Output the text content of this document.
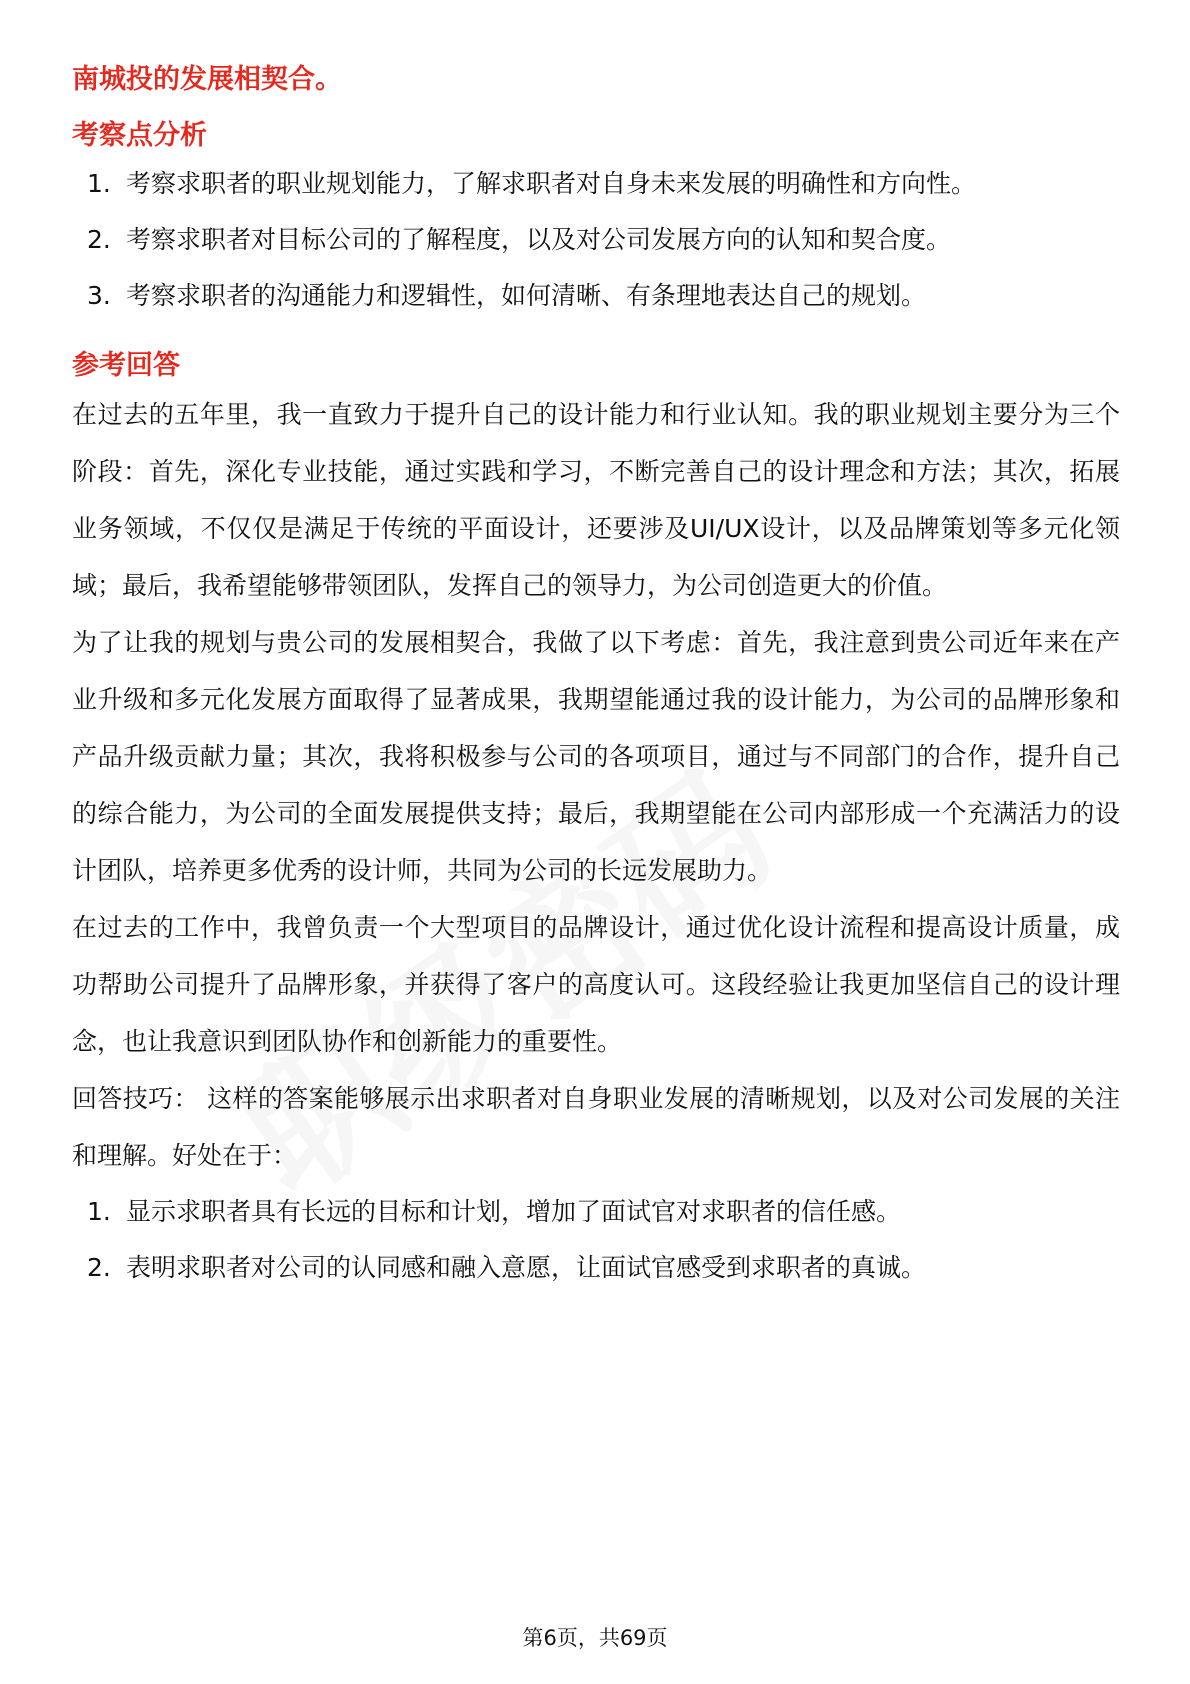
南城投的发展相契合。
考察点分析
1. 考察求职者的职业规划能力，了解求职者对自身未来发展的明确性和方向性。
2. 考察求职者对目标公司的了解程度，以及对公司发展方向的认知和契合度。
3. 考察求职者的沟通能力和逻辑性，如何清晰、有条理地表达自己的规划。
参考回答

在过去的五年里，我一直致力于提升自己的设计能力和行业认知。我的职业规划主要分为三个阶段：首先，深化专业技能，通过实践和学习，不断完善自己的设计理念和方法；其次，拓展业务领域，不仅仅是满足于传统的平面设计，还要涉及UI/UX设计，以及品牌策划等多元化领域；最后，我希望能够带领团队，发挥自己的领导力，为公司创造更大的价值。

为了让我的规划与贵公司的发展相契合，我做了以下考虑：首先，我注意到贵公司近年来在产业升级和多元化发展方面取得了显著成果，我期望能通过我的设计能力，为公司的品牌形象和产品升级贡献力量；其次，我将积极参与公司的各项项目，通过与不同部门的合作，提升自己的综合能力，为公司的全面发展提供支持；最后，我期望能在公司内部形成一个充满活力的设计团队，培养更多优秀的设计师，共同为公司的长远发展助力。

在过去的工作中，我曾负责一个大型项目的品牌设计，通过优化设计流程和提高设计质量，成功帮助公司提升了品牌形象，并获得了客户的高度认可。这段经验让我更加坚信自己的设计理念，也让我意识到团队协作和创新能力的重要性。

回答技巧： 这样的答案能够展示出求职者对自身职业发展的清晰规划，以及对公司发展的关注和理解。好处在于：

1. 显示求职者具有长远的目标和计划，增加了面试官对求职者的信任感。
2. 表明求职者对公司的认同感和融入意愿，让面试官感受到求职者的真诚。
第6页，共69页
